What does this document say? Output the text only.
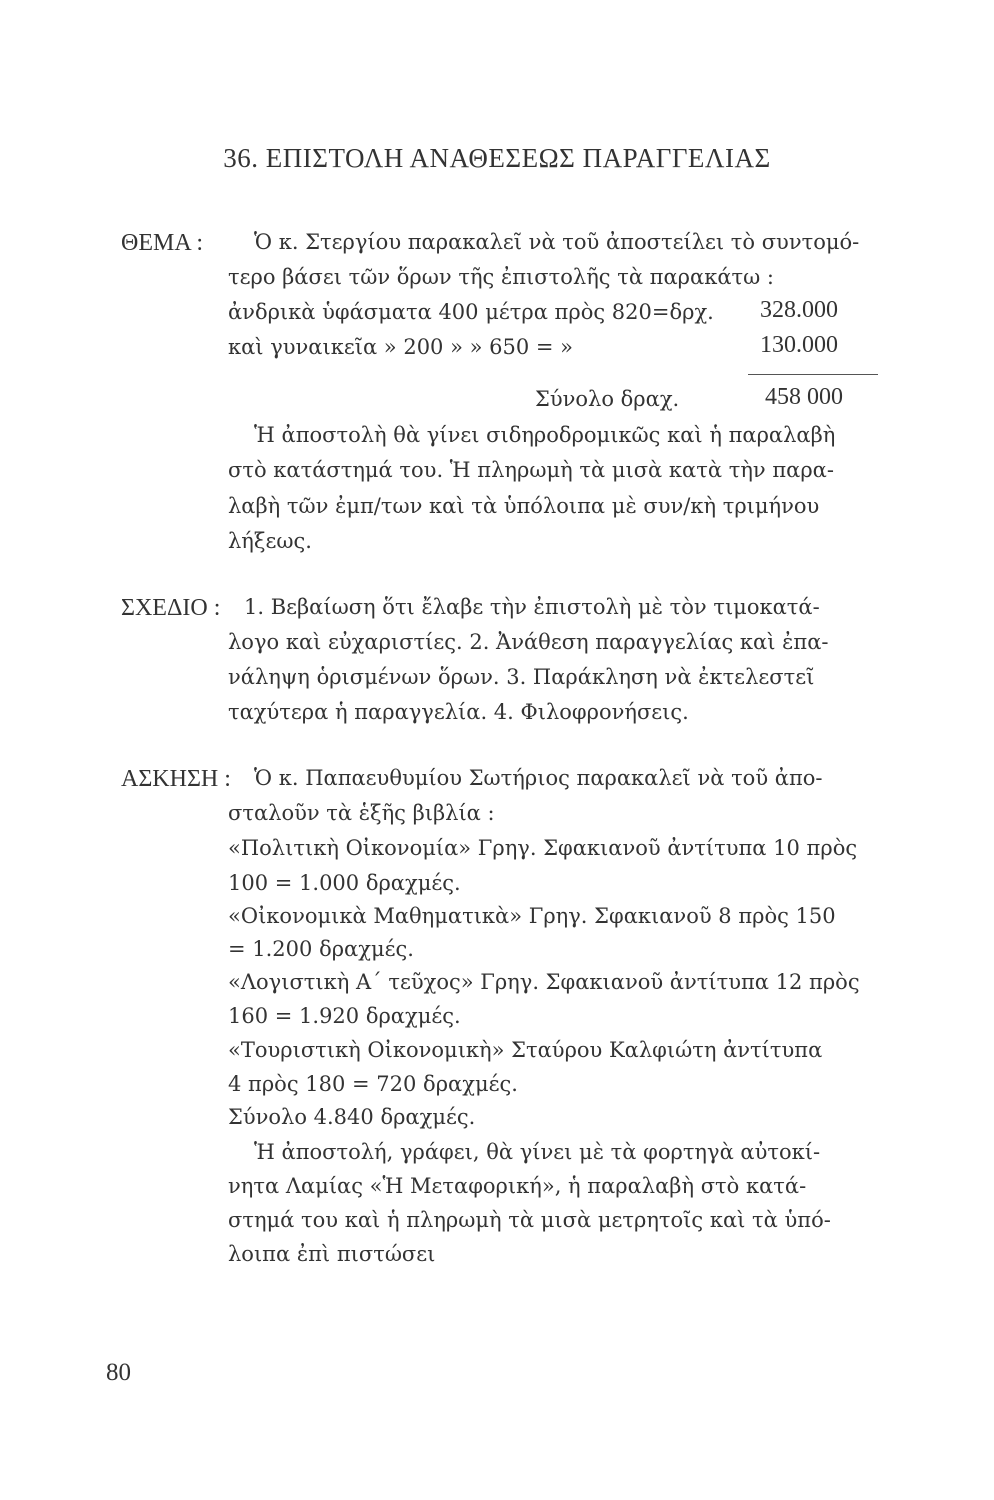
36. ΕΠΙΣΤΟΛΗ ΑΝΑΘΕΣΕΩΣ ΠΑΡΑΓΓΕΛΙΑΣ
ΘΕΜΑ : Ὁ κ. Στεργίου παρακαλεῖ νὰ τοῦ ἀποστείλει τὸ συντομό-
τερο βάσει τῶν ὅρων τῆς ἐπιστολῆς τὰ παρακάτω :
ἀνδρικὰ ὑφάσματα 400 μέτρα πρὸς 820=δρχ. 328.000
καὶ γυναικεῖα » 200 » » 650 = »	130.000
Σύνολο δραχ.	458 000
Ἡ ἀποστολὴ θὰ γίνει σιδηροδρομικῶς καὶ ἡ παραλαβὴ
στὸ κατάστημά του. Ἡ πληρωμὴ τὰ μισὰ κατὰ τὴν παρα-
λαβὴ τῶν ἐμπ/των καὶ τὰ ὑπόλοιπα μὲ συν/κὴ τριμήνου
λήξεως.
ΣΧΕΔΙΟ : 1. Βεβαίωση ὅτι ἔλαβε τὴν ἐπιστολὴ μὲ τὸν τιμοκατά-
λογο καὶ εὐχαριστίες. 2. Ἀνάθεση παραγγελίας καὶ ἐπα-
νάληψη ὁρισμένων ὅρων. 3. Παράκληση νὰ ἐκτελεστεῖ
ταχύτερα ἡ παραγγελία. 4. Φιλοφρονήσεις.
ΑΣΚΗΣΗ : Ὁ κ. Παπαευθυμίου Σωτήριος παρακαλεῖ νὰ τοῦ ἀπο-
σταλοῦν τὰ ἑξῆς βιβλία :
«Πολιτικὴ Οἰκονομία» Γρηγ. Σφακιανοῦ ἀντίτυπα 10 πρὸς
100 = 1.000 δραχμές.
«Οἰκονομικὰ Μαθηματικὰ» Γρηγ. Σφακιανοῦ 8 πρὸς 150
= 1.200 δραχμές.
«Λογιστικὴ Α΄ τεῦχος» Γρηγ. Σφακιανοῦ ἀντίτυπα 12 πρὸς
160 = 1.920 δραχμές.
«Τουριστικὴ Οἰκονομικὴ» Σταύρου Καλφιώτη ἀντίτυπα
4 πρὸς 180 = 720 δραχμές.
Σύνολο 4.840 δραχμές.
Ἡ ἀποστολή, γράφει, θὰ γίνει μὲ τὰ φορτηγὰ αὐτοκί-
νητα Λαμίας «Ἡ Μεταφορική», ἡ παραλαβὴ στὸ κατά-
στημά του καὶ ἡ πληρωμὴ τὰ μισὰ μετρητοῖς καὶ τὰ ὑπό-
λοιπα ἐπὶ πιστώσει
80
